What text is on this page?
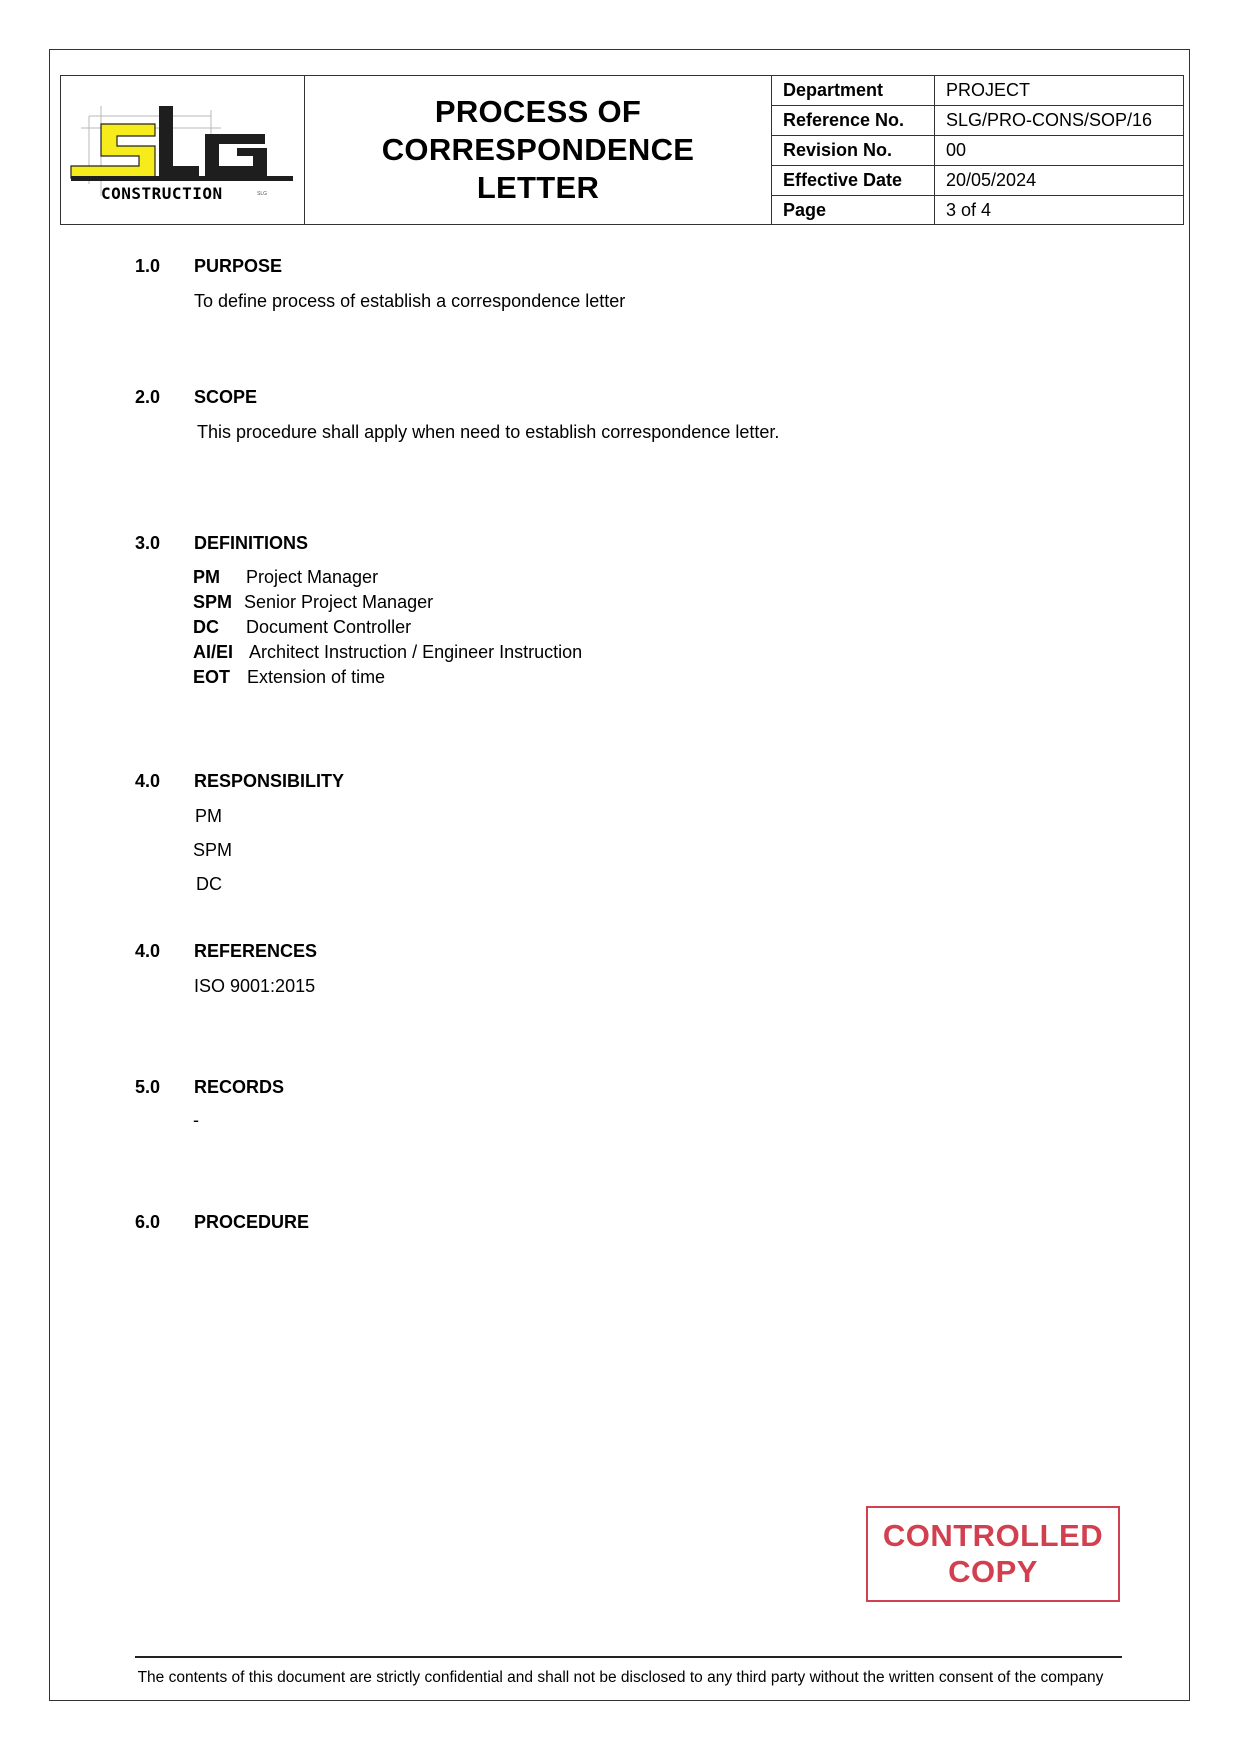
CONSTRUCTION	SLG
PROCESS OF
CORRESPONDENCE
LETTER
Department	PROJECT
Reference No.	SLG/PRO-CONS/SOP/16
Revision No.	00
Effective Date	20/05/2024
Page	3 of 4
1.0 PURPOSE
To define process of establish a correspondence letter
2.0 SCOPE
This procedure shall apply when need to establish correspondence letter.
3.0 DEFINITIONS
PM Project Manager
SPM Senior Project Manager
DC Document Controller
AI/EI Architect Instruction / Engineer Instruction
EOT Extension of time
4.0 RESPONSIBILITY
PM
SPM
DC
4.0 REFERENCES
ISO 9001:2015
5.0 RECORDS
-
6.0 PROCEDURE
CONTROLLED
COPY
The contents of this document are strictly confidential and shall not be disclosed to any third party without the written consent of the company
